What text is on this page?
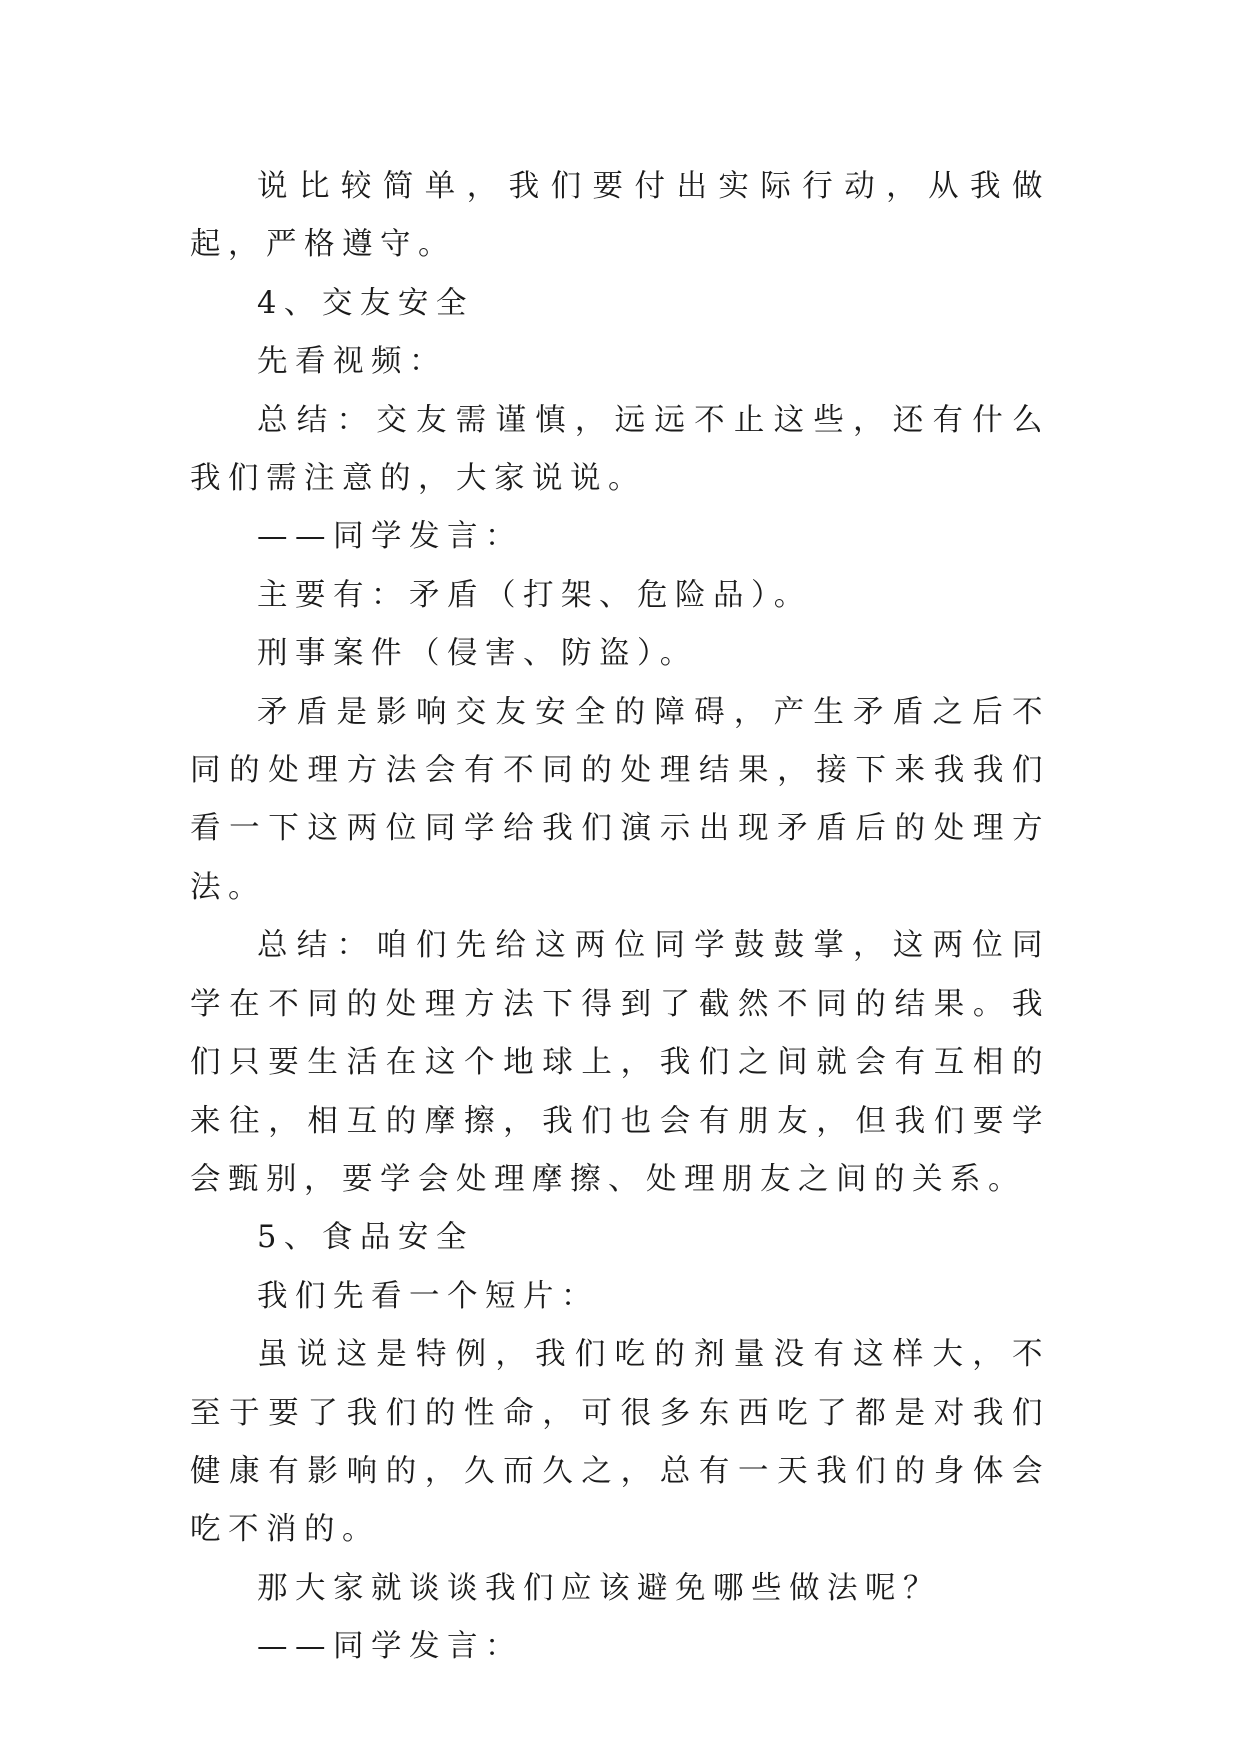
说比较简单，我们要付出实际行动，从我做起，严格遵守。

4、交友安全

先看视频：

总结：交友需谨慎，远远不止这些，还有什么我们需注意的，大家说说。

——同学发言：

主要有：矛盾（打架、危险品）。

刑事案件（侵害、防盗）。

矛盾是影响交友安全的障碍，产生矛盾之后不同的处理方法会有不同的处理结果，接下来我我们看一下这两位同学给我们演示出现矛盾后的处理方法。

总结：咱们先给这两位同学鼓鼓掌，这两位同学在不同的处理方法下得到了截然不同的结果。我们只要生活在这个地球上，我们之间就会有互相的来往，相互的摩擦，我们也会有朋友，但我们要学会甄别，要学会处理摩擦、处理朋友之间的关系。

5、食品安全

我们先看一个短片：

虽说这是特例，我们吃的剂量没有这样大，不至于要了我们的性命，可很多东西吃了都是对我们健康有影响的，久而久之，总有一天我们的身体会吃不消的。

那大家就谈谈我们应该避免哪些做法呢？

——同学发言：
